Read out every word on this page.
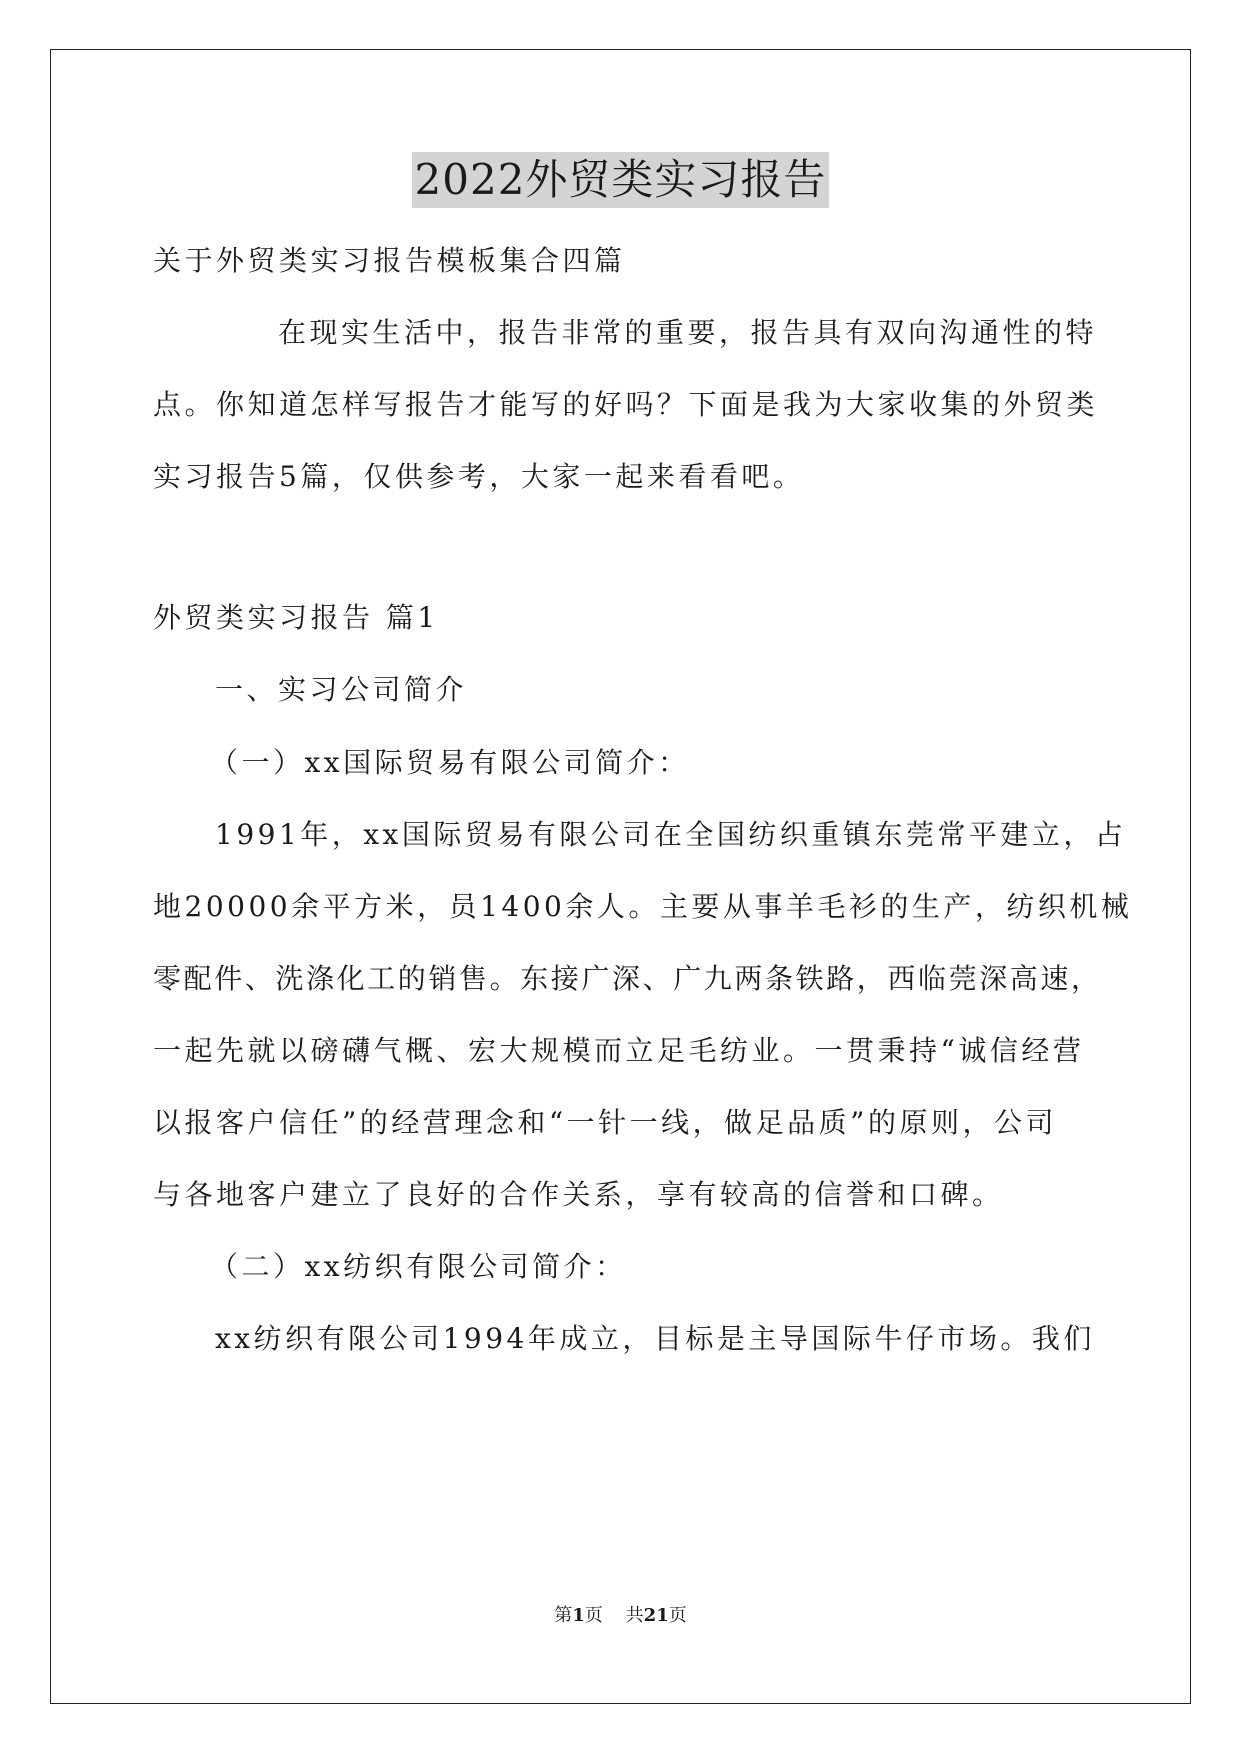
2022外贸类实习报告
关于外贸类实习报告模板集合四篇
在现实生活中，报告非常的重要，报告具有双向沟通性的特
点。你知道怎样写报告才能写的好吗？下面是我为大家收集的外贸类
实习报告5篇，仅供参考，大家一起来看看吧。
外贸类实习报告 篇1
一、实习公司简介
（一）xx国际贸易有限公司简介：
1991年，xx国际贸易有限公司在全国纺织重镇东莞常平建立，占
地20000余平方米，员1400余人。主要从事羊毛衫的生产，纺织机械
零配件、洗涤化工的销售。东接广深、广九两条铁路，西临莞深高速，
一起先就以磅礴气概、宏大规模而立足毛纺业。一贯秉持“诚信经营
以报客户信任”的经营理念和“一针一线，做足品质”的原则，公司
与各地客户建立了良好的合作关系，享有较高的信誉和口碑。
（二）xx纺织有限公司简介：
xx纺织有限公司1994年成立，目标是主导国际牛仔市场。我们
第1页 共21页
